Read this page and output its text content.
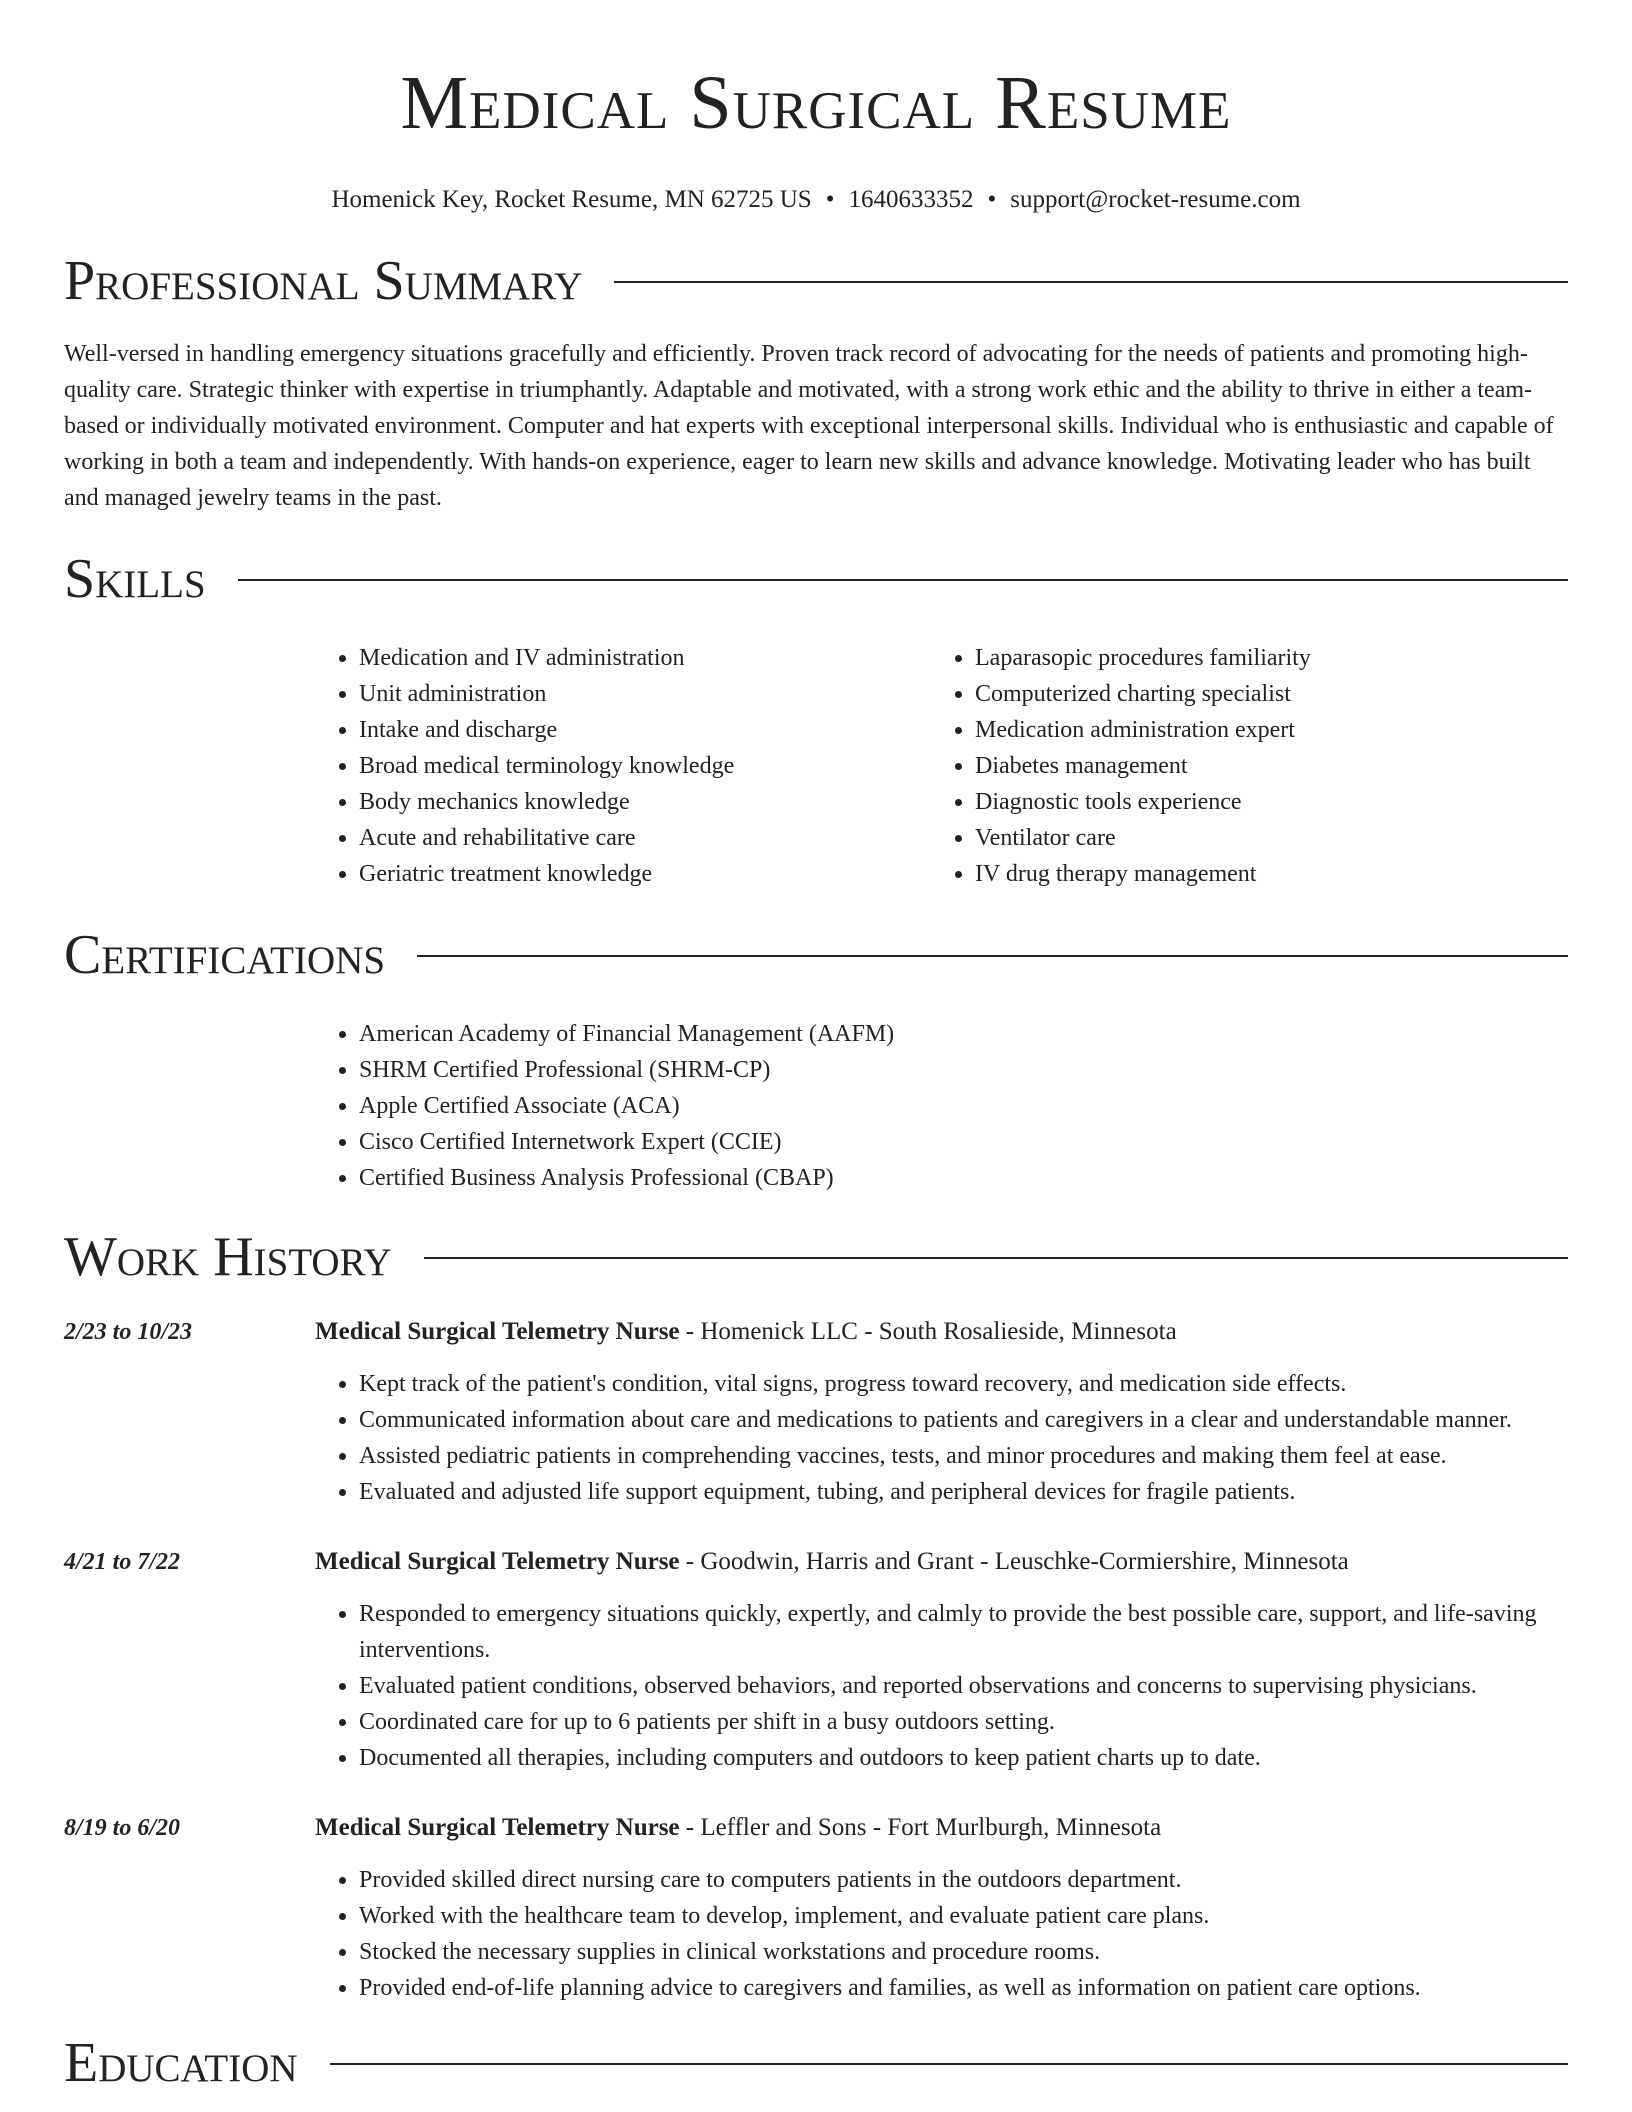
Medical Surgical Resume
Homenick Key, Rocket Resume, MN 62725 US • 1640633352 • support@rocket-resume.com
Professional Summary

Well-versed in handling emergency situations gracefully and efficiently. Proven track record of advocating for the needs of patients and promoting high-quality care. Strategic thinker with expertise in triumphantly. Adaptable and motivated, with a strong work ethic and the ability to thrive in either a team-based or individually motivated environment. Computer and hat experts with exceptional interpersonal skills. Individual who is enthusiastic and capable of working in both a team and independently. With hands-on experience, eager to learn new skills and advance knowledge. Motivating leader who has built and managed jewelry teams in the past.

Skills
• Medication and IV administration
• Unit administration
• Intake and discharge
• Broad medical terminology knowledge
• Body mechanics knowledge
• Acute and rehabilitative care
• Geriatric treatment knowledge
• Laparasopic procedures familiarity
• Computerized charting specialist
• Medication administration expert
• Diabetes management
• Diagnostic tools experience
• Ventilator care
• IV drug therapy management
Certifications
• American Academy of Financial Management (AAFM)
• SHRM Certified Professional (SHRM-CP)
• Apple Certified Associate (ACA)
• Cisco Certified Internetwork Expert (CCIE)
• Certified Business Analysis Professional (CBAP)
Work History
2/23 to 10/23	Medical Surgical Telemetry Nurse - Homenick LLC - South Rosalieside, Minnesota
• Kept track of the patient's condition, vital signs, progress toward recovery, and medication side effects.
• Communicated information about care and medications to patients and caregivers in a clear and understandable manner.
• Assisted pediatric patients in comprehending vaccines, tests, and minor procedures and making them feel at ease.
• Evaluated and adjusted life support equipment, tubing, and peripheral devices for fragile patients.
4/21 to 7/22	Medical Surgical Telemetry Nurse - Goodwin, Harris and Grant - Leuschke-Cormiershire, Minnesota
• Responded to emergency situations quickly, expertly, and calmly to provide the best possible care, support, and life-saving interventions.
• Evaluated patient conditions, observed behaviors, and reported observations and concerns to supervising physicians.
• Coordinated care for up to 6 patients per shift in a busy outdoors setting.
• Documented all therapies, including computers and outdoors to keep patient charts up to date.
8/19 to 6/20	Medical Surgical Telemetry Nurse - Leffler and Sons - Fort Murlburgh, Minnesota
• Provided skilled direct nursing care to computers patients in the outdoors department.
• Worked with the healthcare team to develop, implement, and evaluate patient care plans.
• Stocked the necessary supplies in clinical workstations and procedure rooms.
• Provided end-of-life planning advice to caregivers and families, as well as information on patient care options.
Education
